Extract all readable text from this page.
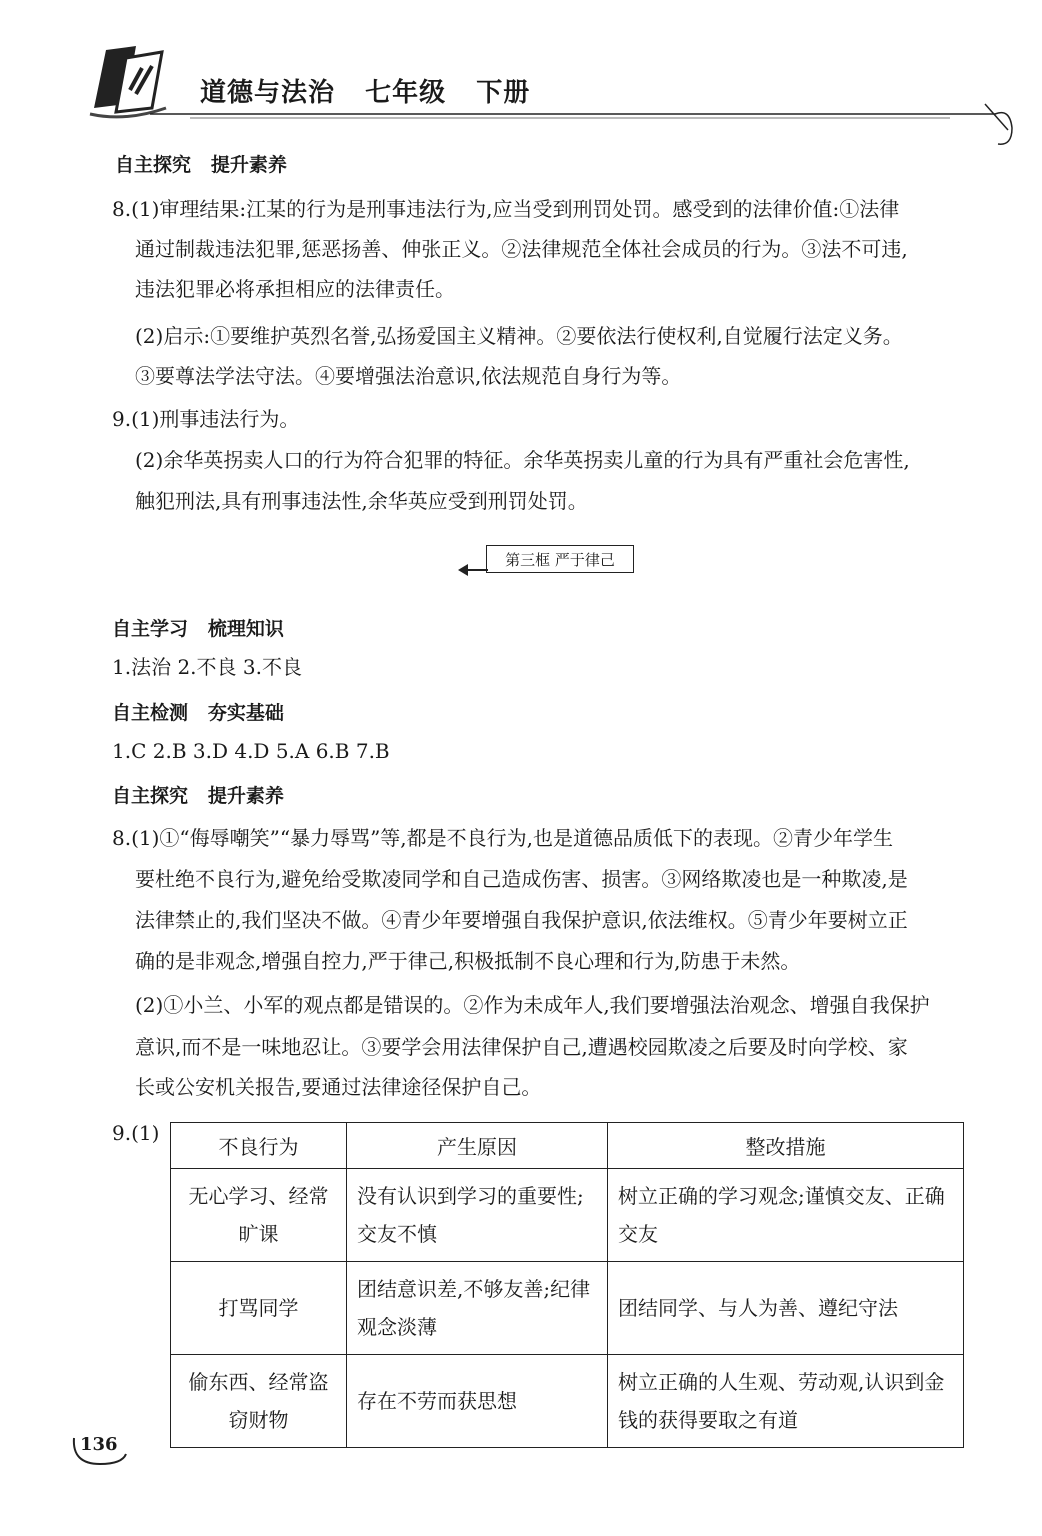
道德与法治   七年级   下册
自主探究   提升素养
8.(1)审理结果:江某的行为是刑事违法行为,应当受到刑罚处罚。感受到的法律价值:①法律
通过制裁违法犯罪,惩恶扬善、伸张正义。②法律规范全体社会成员的行为。③法不可违,
违法犯罪必将承担相应的法律责任。
(2)启示:①要维护英烈名誉,弘扬爱国主义精神。②要依法行使权利,自觉履行法定义务。
③要尊法学法守法。④要增强法治意识,依法规范自身行为等。
9.(1)刑事违法行为。
(2)余华英拐卖人口的行为符合犯罪的特征。余华英拐卖儿童的行为具有严重社会危害性,
触犯刑法,具有刑事违法性,余华英应受到刑罚处罚。
第三框 严于律己
自主学习   梳理知识
1.法治 2.不良 3.不良
自主检测   夯实基础
1.C 2.B 3.D 4.D 5.A 6.B 7.B
自主探究   提升素养
8.(1)①“侮辱嘲笑”“暴力辱骂”等,都是不良行为,也是道德品质低下的表现。②青少年学生
要杜绝不良行为,避免给受欺凌同学和自己造成伤害、损害。③网络欺凌也是一种欺凌,是
法律禁止的,我们坚决不做。④青少年要增强自我保护意识,依法维权。⑤青少年要树立正
确的是非观念,增强自控力,严于律己,积极抵制不良心理和行为,防患于未然。
(2)①小兰、小军的观点都是错误的。②作为未成年人,我们要增强法治观念、增强自我保护
意识,而不是一味地忍让。③要学会用法律保护自己,遭遇校园欺凌之后要及时向学校、家
长或公安机关报告,要通过法律途径保护自己。
9.(1)
不良行为	产生原因	整改措施
无心学习、经常旷课	没有认识到学习的重要性;交友不慎	树立正确的学习观念;谨慎交友、正确交友
打骂同学	团结意识差,不够友善;纪律观念淡薄	团结同学、与人为善、遵纪守法
偷东西、经常盗窃财物	存在不劳而获思想	树立正确的人生观、劳动观,认识到金钱的获得要取之有道
136
